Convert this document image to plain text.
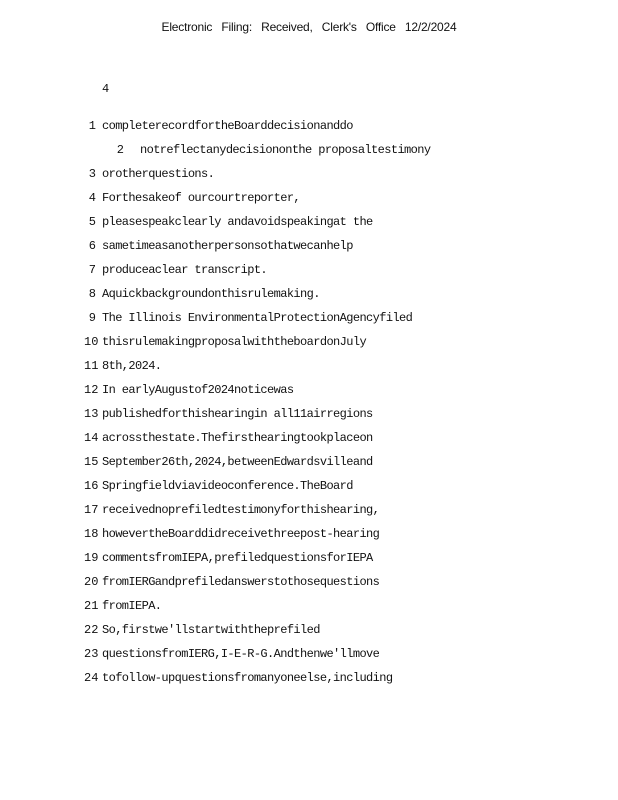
Electronic Filing: Received, Clerk's Office 12/2/2024
4
1 completerecordfortheBoarddecisionanddo
2 notreflectanydecisiononthe proposaltestimony
3 orotherquestions.
4 Forthesakeof ourcourtreporter,
5 pleasespeakclearly andavoidspeakingat the
6 sametimeasanotherpersonsothatwecanhelp
7 produceaclear transcript.
8 Aquickbackgroundonthisrulemaking.
9 The Illinois EnvironmentalProtectionAgencyfiled
10 thisrulemakingproposalwiththeboardonJuly
11 8th,2024.
12 In earlyAugustof2024noticewas
13 publishedforthishearingin all11airregions
14 acrossthestate.Thefirsthearingtookplaceon
15 September26th,2024,betweenEdwardsvilleand
16 Springfieldviavideoconference.TheBoard
17 receivednoprefiledtestimonyforthishearing,
18 howevertheBoarddidreceivethreepost-hearing
19 commentsfromIEPA,prefiledquestionsforIEPA
20 fromIERGandprefiledanswerstothosequestions
21 fromIEPA.
22 So,firstwe'llstartwiththeprefiled
23 questionsfromIERG,I-E-R-G.Andthenwe'llmove
24 tofollow-upquestionsfromanyoneelse,including
